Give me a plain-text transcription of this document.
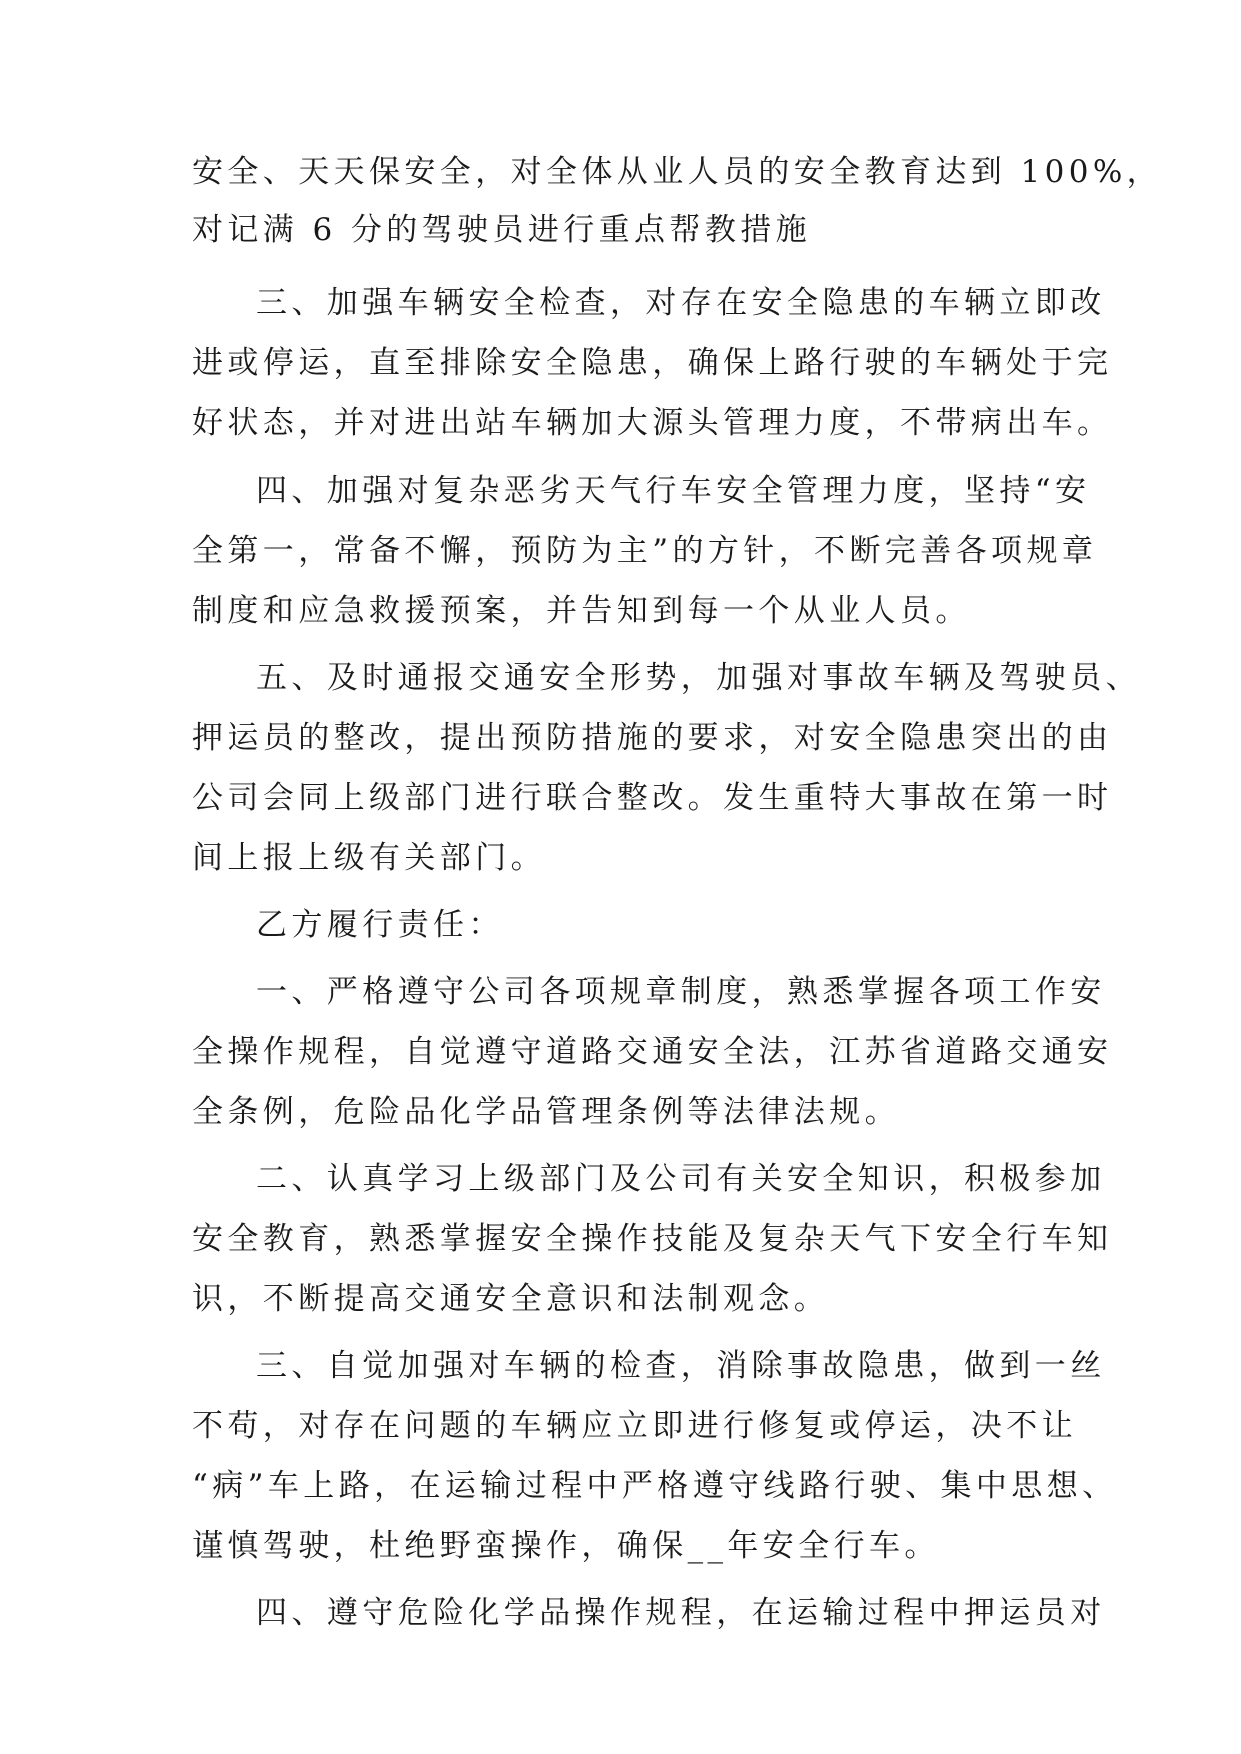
安全、天天保安全，对全体从业人员的安全教育达到 100%，

对记满 6 分的驾驶员进行重点帮教措施

三、加强车辆安全检查，对存在安全隐患的车辆立即改

进或停运，直至排除安全隐患，确保上路行驶的车辆处于完

好状态，并对进出站车辆加大源头管理力度，不带病出车。

四、加强对复杂恶劣天气行车安全管理力度，坚持“安

全第一，常备不懈，预防为主”的方针，不断完善各项规章

制度和应急救援预案，并告知到每一个从业人员。

五、及时通报交通安全形势，加强对事故车辆及驾驶员、

押运员的整改，提出预防措施的要求，对安全隐患突出的由

公司会同上级部门进行联合整改。发生重特大事故在第一时

间上报上级有关部门。

乙方履行责任：

一、严格遵守公司各项规章制度，熟悉掌握各项工作安

全操作规程，自觉遵守道路交通安全法，江苏省道路交通安

全条例，危险品化学品管理条例等法律法规。

二、认真学习上级部门及公司有关安全知识，积极参加

安全教育，熟悉掌握安全操作技能及复杂天气下安全行车知

识，不断提高交通安全意识和法制观念。

三、自觉加强对车辆的检查，消除事故隐患，做到一丝

不苟，对存在问题的车辆应立即进行修复或停运，决不让

“病”车上路，在运输过程中严格遵守线路行驶、集中思想、

谨慎驾驶，杜绝野蛮操作，确保__年安全行车。

四、遵守危险化学品操作规程，在运输过程中押运员对
